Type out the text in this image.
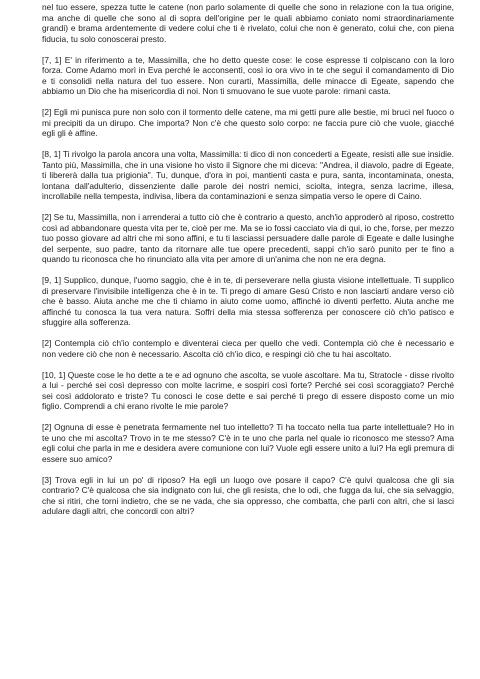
nel tuo essere, spezza tutte le catene (non parlo solamente di quelle che sono in relazione con la tua origine, ma anche di quelle che sono al di sopra dell'origine per le quali abbiamo coniato nomi straordinariamente grandi) e brama ardentemente di vedere colui che ti è rivelato, colui che non è generato, colui che, con piena fiducia, tu solo conoscerai presto.

[7, 1] E' in riferimento a te, Massimilla, che ho detto queste cose: le cose espresse ti colpiscano con la loro forza. Come Adamo morì in Eva perché le acconsentì, così io ora vivo in te che seguì il comandamento di Dio e ti consolidi nella natura del tuo essere. Non curarti, Massimilla, delle minacce di Egeate, sapendo che abbiamo un Dio che ha misericordia di noi. Non ti smuovano le sue vuote parole: rimani casta.

[2] Egli mi punisca pure non solo con il tormento delle catene, ma mi getti pure alle bestie, mi bruci nel fuoco o mi precipiti da un dirupo. Che importa? Non c'è che questo solo corpo: ne faccia pure ciò che vuole, giacché egli gli è affine.

[8, 1] Ti rivolgo la parola ancora una volta, Massimilla: ti dico di non concederti a Egeate, resisti alle sue insidie. Tanto più, Massimilla, che in una visione ho visto il Signore che mi diceva: "Andrea, il diavolo, padre di Egeate, ti libererà dalla tua prigionia". Tu, dunque, d'ora in poi, mantienti casta e pura, santa, incontaminata, onesta, lontana dall'adulterio, dissenziente dalle parole dei nostri nemici, sciolta, integra, senza lacrime, illesa, incrollabile nella tempesta, indivisa, libera da contaminazioni e senza simpatia verso le opere di Caino.

[2] Se tu, Massimilla, non i arrenderai a tutto ciò che è contrario a questo, anch'io approderò al riposo, costretto così ad abbandonare questa vita per te, cioè per me. Ma se io fossi cacciato via di qui, io che, forse, per mezzo tuo posso giovare ad altri che mi sono affini, e tu ti lasciassi persuadere dalle parole di Egeate e dalle lusinghe del serpente, suo padre, tanto da ritornare alle tue opere precedenti, sappi ch'io sarò punito per te fino a quando tu riconosca che ho rinunciato alla vita per amore di un'anima che non ne era degna.

[9, 1] Supplico, dunque, l'uomo saggio, che è in te, di perseverare nella giusta visione intellettuale. Ti supplico di preservare l'invisibile intelligenza che è in te. Ti prego di amare Gesù Cristo e non lasciarti andare verso ciò che è basso. Aiuta anche me che ti chiamo in aiuto come uomo, affinché io diventi perfetto. Aiuta anche me affinché tu conosca la tua vera natura. Soffri della mia stessa sofferenza per conoscere ciò ch'io patisco e sfuggire alla sofferenza.

[2] Contempla ciò ch'io contemplo e diventerai cieca per quello che vedi. Contempla ciò che è necessario e non vedere ciò che non è necessario. Ascolta ciò ch'io dico, e respingi ciò che tu hai ascoltato.

[10, 1] Queste cose le ho dette a te e ad ognuno che ascolta, se vuole ascoltare. Ma tu, Stratocle - disse rivolto a lui - perché sei così depresso con molte lacrime, e sospiri così forte? Perché sei così scoraggiato? Perché sei così addolorato e triste? Tu conosci le cose dette e sai perché ti prego di essere disposto come un mio figlio. Comprendi a chi erano rivolte le mie parole?

[2] Ognuna di esse è penetrata fermamente nel tuo intelletto? Ti ha toccato nella tua parte intellettuale? Ho in te uno che mi ascolta? Trovo in te me stesso? C'è in te uno che parla nel quale io riconosco me stesso? Ama egli colui che parla in me e desidera avere comunione con lui? Vuole egli essere unito a lui? Ha egli premura di essere suo amico?

[3] Trova egli in lui un po' di riposo? Ha egli un luogo ove posare il capo? C'è quivi qualcosa che gli sia contrario? C'è qualcosa che sia indignato con lui, che gli resista, che lo odi, che fugga da lui, che sia selvaggio, che si ritiri, che torni indietro, che se ne vada, che sia oppresso, che combatta, che parli con altri, che si lasci adulare dagli altri, che concordi con altri?
